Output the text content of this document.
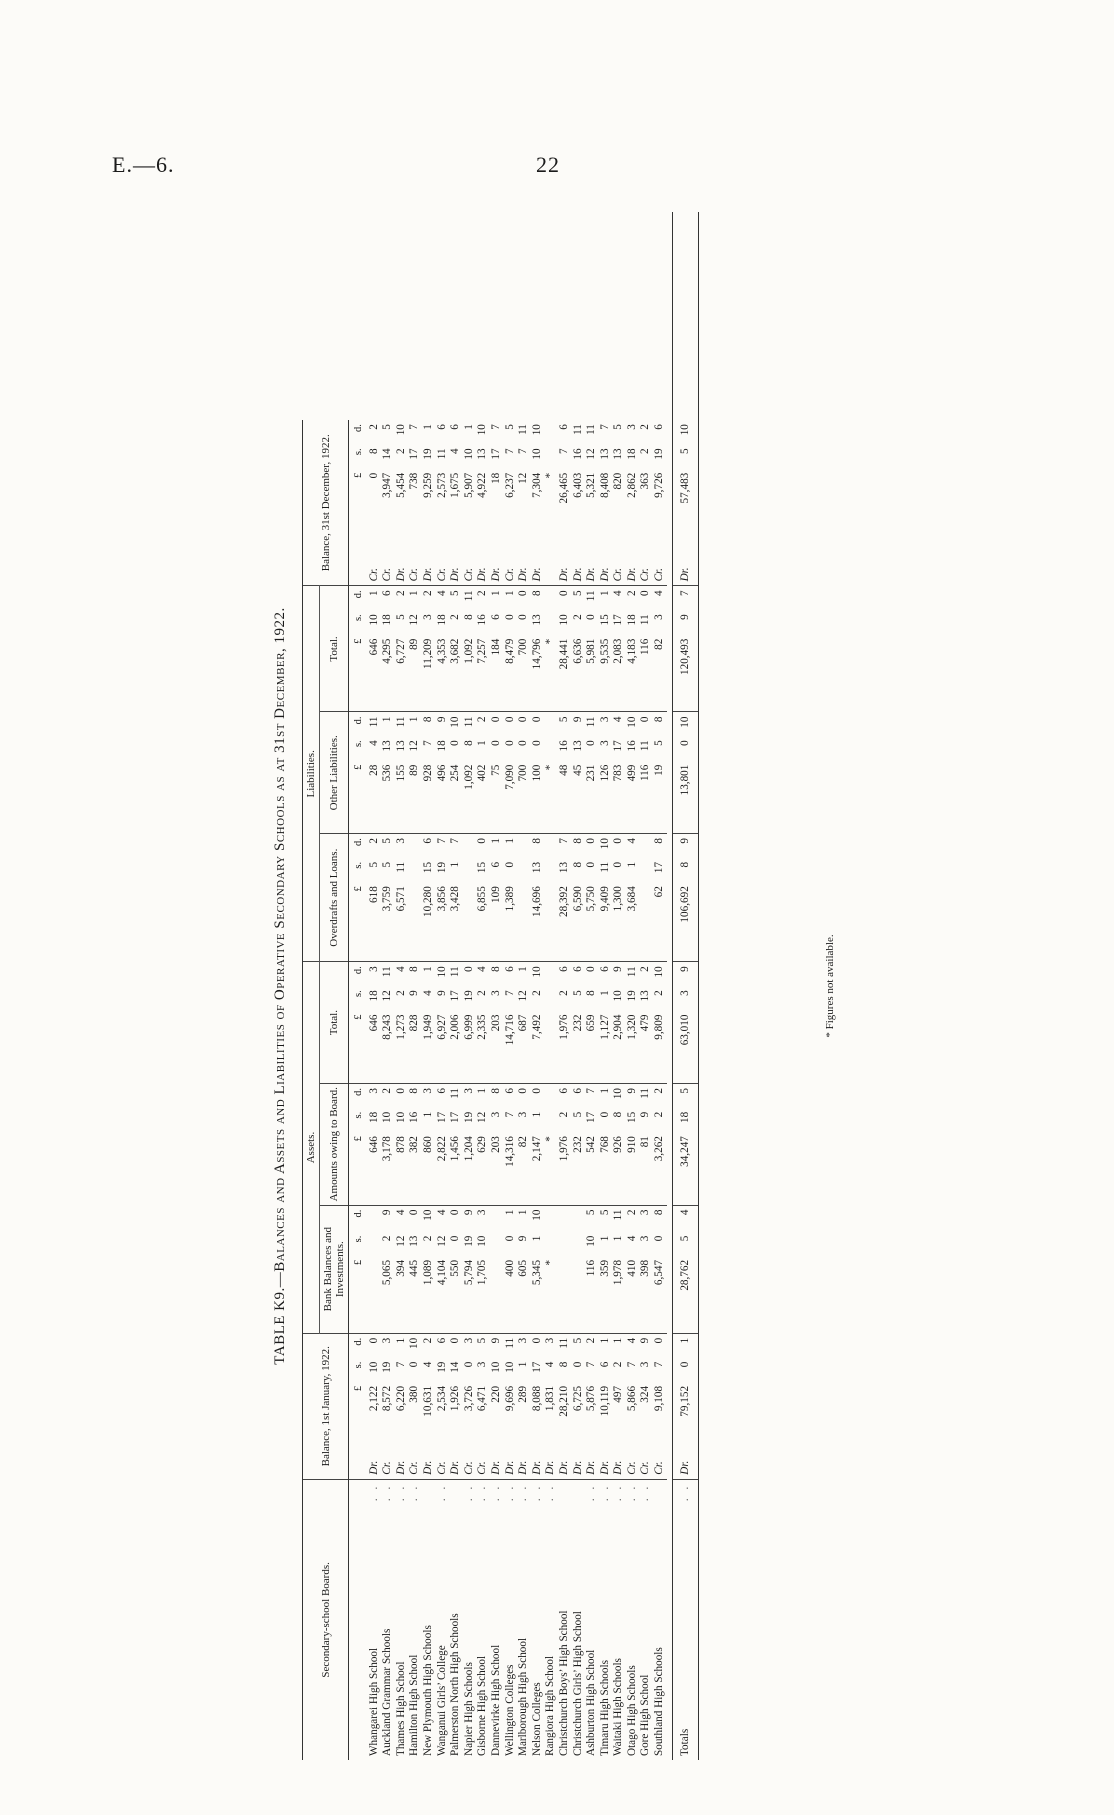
E.—6.	22
TABLE K9.—Balances and Assets and Liabilities of Operative Secondary Schools as at 31st December, 1922.
Secondary-school Boards.		Balance, 1st January, 1922.				Assets.									Liabilities.									Balance, 31st December, 1922.				
						Bank Balances and Investments.			Amounts owing to Board.			Total.			Overdrafts and Loans.			Other Liabilities.			Total.							
			£	s.	d.	£	s.	d.	£	s.	d.	£	s.	d.	£	s.	d.	£	s.	d.	£	s.	d.		£	s.	d.	
Whangarei High School	. .	Dr.	2,122	10	0				646	18	3	646	18	3	618	5	2	28	4	11	646	10	1	Cr.	0	8	2	
Auckland Grammar Schools	. .	Cr.	8,572	19	3	5,065	2	9	3,178	10	2	8,243	12	11	3,759	5	5	536	13	1	4,295	18	6	Cr.	3,947	14	5	
Thames High School	. .	Dr.	6,220	7	1	394	12	4	878	10	0	1,273	2	4	6,571	11	3	155	13	11	6,727	5	2	Dr.	5,454	2	10	
Hamilton High School	. .	Cr.	380	0	10	445	13	0	382	16	8	828	9	8				89	12	1	89	12	1	Cr.	738	17	7	
New Plymouth High Schools		Dr.	10,631	4	2	1,089	2	10	860	1	3	1,949	4	1	10,280	15	6	928	7	8	11,209	3	2	Dr.	9,259	19	1	
Wanganui Girls’ College	. .	Cr.	2,534	19	6	4,104	12	4	2,822	17	6	6,927	9	10	3,856	19	7	496	18	9	4,353	18	4	Cr.	2,573	11	6	
Palmerston North High Schools		Dr.	1,926	14	0	550	0	0	1,456	17	11	2,006	17	11	3,428	1	7	254	0	10	3,682	2	5	Dr.	1,675	4	6	
Napier High Schools	. .	Cr.	3,726	0	3	5,794	19	9	1,204	19	3	6,999	19	0				1,092	8	11	1,092	8	11	Cr.	5,907	10	1	
Gisborne High School	. .	Cr.	6,471	3	5	1,705	10	3	629	12	1	2,335	2	4	6,855	15	0	402	1	2	7,257	16	2	Dr.	4,922	13	10	
Dannevirke High School	. .	Dr.	220	10	9				203	3	8	203	3	8	109	6	1	75	0	0	184	6	1	Dr.	18	17	7	
Wellington Colleges	. .	Dr.	9,696	10	11	400	0	1	14,316	7	6	14,716	7	6	1,389	0	1	7,090	0	0	8,479	0	1	Cr.	6,237	7	5	
Marlborough High School	. .	Dr.	289	1	3	605	9	1	82	3	0	687	12	1				700	0	0	700	0	0	Dr.	12	7	11	
Nelson Colleges	. .	Dr.	8,088	17	0	5,345	1	10	2,147	1	0	7,492	2	10	14,696	13	8	100	0	0	14,796	13	8	Dr.	7,304	10	10	
Rangiora High School	. .	Dr.	1,831	4	3	*			*									*			*				*			
Christchurch Boys’ High School		Dr.	28,210	8	11				1,976	2	6	1,976	2	6	28,392	13	7	48	16	5	28,441	10	0	Dr.	26,465	7	6	
Christchurch Girls’ High School		Dr.	6,725	0	5				232	5	6	232	5	6	6,590	8	8	45	13	9	6,636	2	5	Dr.	6,403	16	11	
Ashburton High School	. .	Dr.	5,876	7	2	116	10	5	542	17	7	659	8	0	5,750	0	0	231	0	11	5,981	0	11	Dr.	5,321	12	11	
Timaru High Schools	. .	Dr.	10,119	6	1	359	1	5	768	0	1	1,127	1	6	9,409	11	10	126	3	3	9,535	15	1	Dr.	8,408	13	7	
Waitaki High Schools	. .	Dr.	497	2	1	1,978	1	11	926	8	10	2,904	10	9	1,300	0	0	783	17	4	2,083	17	4	Cr.	820	13	5	
Otago High Schools	. .	Cr.	5,866	7	4	410	4	2	910	15	9	1,320	19	11	3,684	1	4	499	16	10	4,183	18	2	Dr.	2,862	18	3	
Gore High School	. .	Cr.	324	3	9	398	3	3	81	9	11	479	13	2				116	11	0	116	11	0	Cr.	363	2	2	
Southland High Schools		Cr.	9,108	7	0	6,547	0	8	3,262	2	2	9,809	2	10	62	17	8	19	5	8	82	3	4	Cr.	9,726	19	6	

Totals	. .	Dr.	79,152	0	1	28,762	5	4	34,247	18	5	63,010	3	9	106,692	8	9	13,801	0	10	120,493	9	7	Dr.	57,483	5	10	
* Figures not available.
